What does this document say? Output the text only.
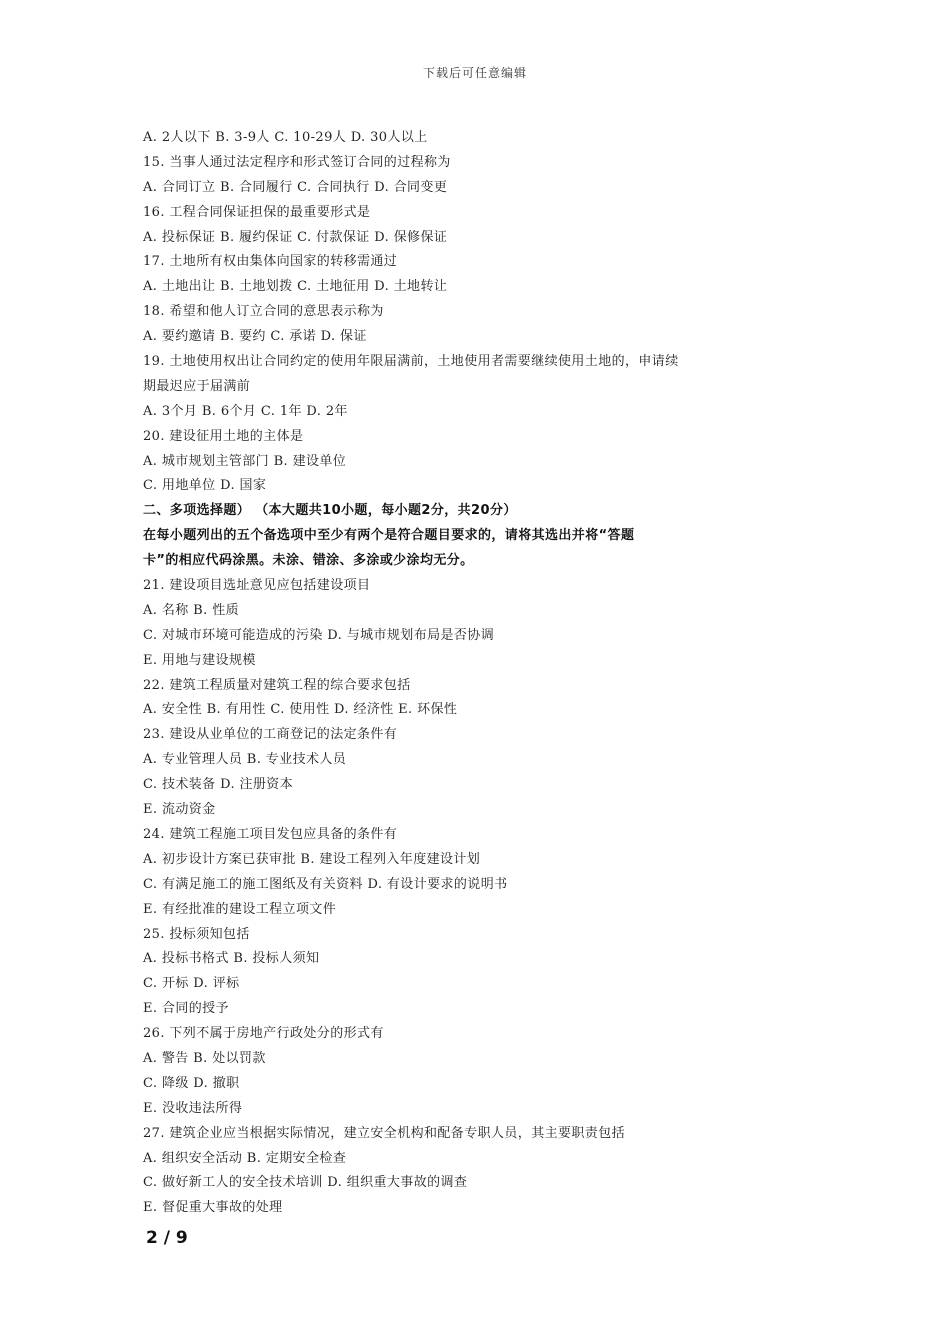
下载后可任意编辑
A. 2人以下 B. 3-9人 C. 10-29人 D. 30人以上
15. 当事人通过法定程序和形式签订合同的过程称为
A. 合同订立 B. 合同履行 C. 合同执行 D. 合同变更
16. 工程合同保证担保的最重要形式是
A. 投标保证 B. 履约保证 C. 付款保证 D. 保修保证
17. 土地所有权由集体向国家的转移需通过
A. 土地出让 B. 土地划拨 C. 土地征用 D. 土地转让
18. 希望和他人订立合同的意思表示称为
A. 要约邀请 B. 要约 C. 承诺 D. 保证
19. 土地使用权出让合同约定的使用年限届满前，土地使用者需要继续使用土地的，申请续
期最迟应于届满前
A. 3个月 B. 6个月 C. 1年 D. 2年
20. 建设征用土地的主体是
A. 城市规划主管部门 B. 建设单位
C. 用地单位 D. 国家
二、多项选择题） （本大题共10小题，每小题2分，共20分）
在每小题列出的五个备选项中至少有两个是符合题目要求的，请将其选出并将“答题
卡”的相应代码涂黑。未涂、错涂、多涂或少涂均无分。
21. 建设项目选址意见应包括建设项目
A. 名称 B. 性质
C. 对城市环境可能造成的污染 D. 与城市规划布局是否协调
E. 用地与建设规模
22. 建筑工程质量对建筑工程的综合要求包括
A. 安全性 B. 有用性 C. 使用性 D. 经济性 E. 环保性
23. 建设从业单位的工商登记的法定条件有
A. 专业管理人员 B. 专业技术人员
C. 技术装备 D. 注册资本
E. 流动资金
24. 建筑工程施工项目发包应具备的条件有
A. 初步设计方案已获审批 B. 建设工程列入年度建设计划
C. 有满足施工的施工图纸及有关资料 D. 有设计要求的说明书
E. 有经批准的建设工程立项文件
25. 投标须知包括
A. 投标书格式 B. 投标人须知
C. 开标 D. 评标
E. 合同的授予
26. 下列不属于房地产行政处分的形式有
A. 警告 B. 处以罚款
C. 降级 D. 撤职
E. 没收违法所得
27. 建筑企业应当根据实际情况，建立安全机构和配备专职人员，其主要职责包括
A. 组织安全活动 B. 定期安全检查
C. 做好新工人的安全技术培训 D. 组织重大事故的调查
E. 督促重大事故的处理
2 / 9
